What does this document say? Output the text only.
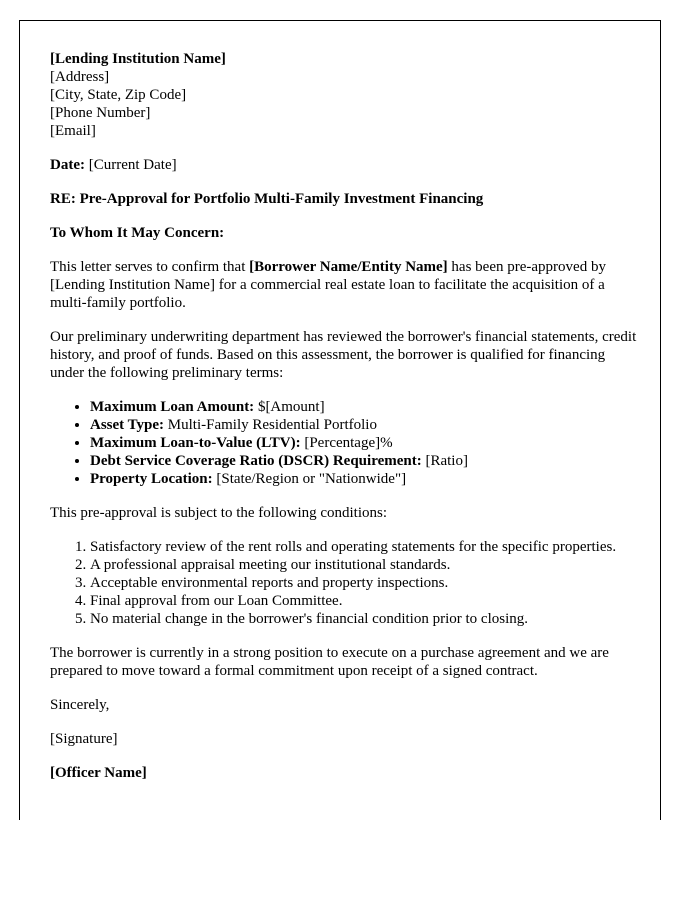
[Lending Institution Name]
[Address]
[City, State, Zip Code]
[Phone Number]
[Email]

Date: [Current Date]

RE: Pre-Approval for Portfolio Multi-Family Investment Financing

To Whom It May Concern:

This letter serves to confirm that [Borrower Name/Entity Name] has been pre-approved by [Lending Institution Name] for a commercial real estate loan to facilitate the acquisition of a multi-family portfolio.

Our preliminary underwriting department has reviewed the borrower's financial statements, credit history, and proof of funds. Based on this assessment, the borrower is qualified for financing under the following preliminary terms:

• Maximum Loan Amount: $[Amount]
• Asset Type: Multi-Family Residential Portfolio
• Maximum Loan-to-Value (LTV): [Percentage]%
• Debt Service Coverage Ratio (DSCR) Requirement: [Ratio]
• Property Location: [State/Region or "Nationwide"]

This pre-approval is subject to the following conditions:

1. Satisfactory review of the rent rolls and operating statements for the specific properties.
2. A professional appraisal meeting our institutional standards.
3. Acceptable environmental reports and property inspections.
4. Final approval from our Loan Committee.
5. No material change in the borrower's financial condition prior to closing.

The borrower is currently in a strong position to execute on a purchase agreement and we are prepared to move toward a formal commitment upon receipt of a signed contract.

Sincerely,

[Signature]

[Officer Name]
